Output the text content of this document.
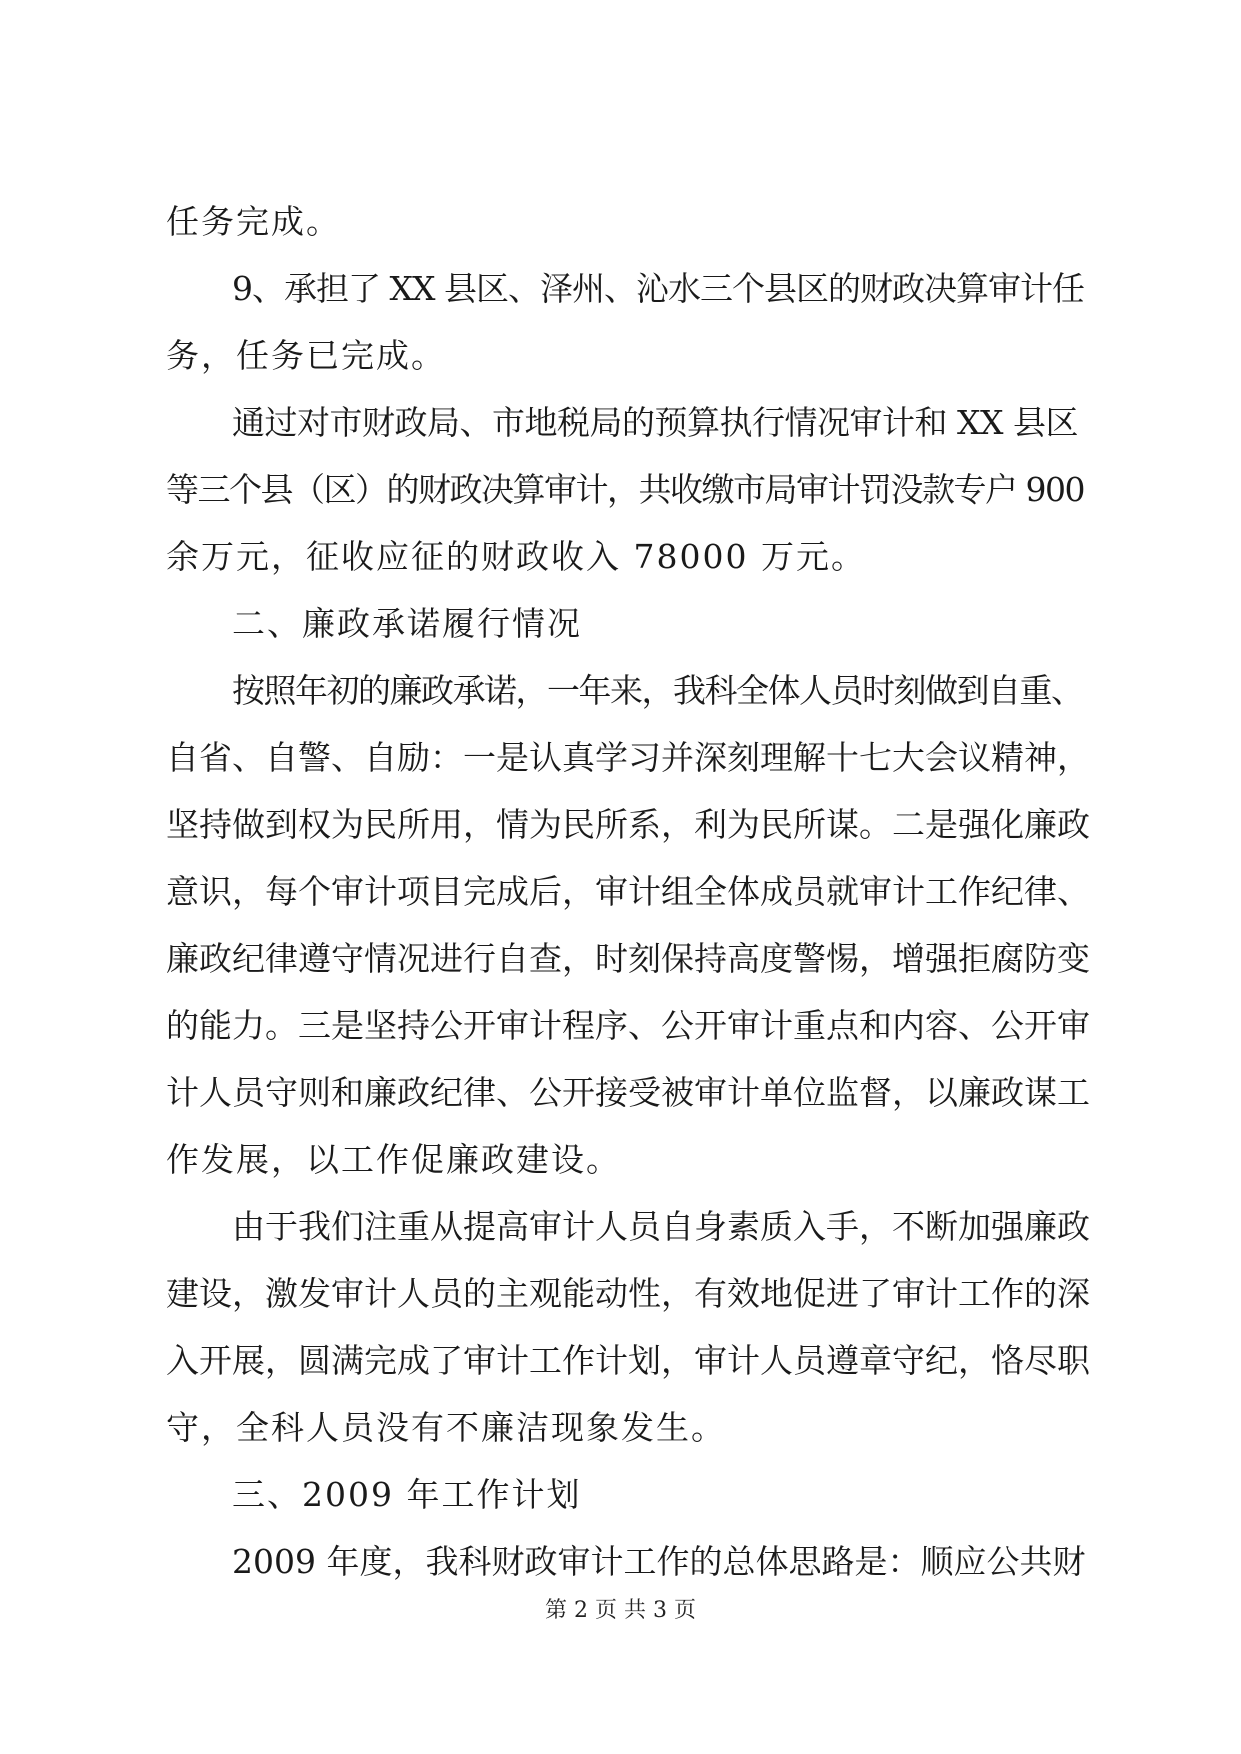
任务完成。
9、承担了 XX 县区、泽州、沁水三个县区的财政决算审计任
务，任务已完成。
通过对市财政局、市地税局的预算执行情况审计和 XX 县区
等三个县（区）的财政决算审计，共收缴市局审计罚没款专户 900
余万元，征收应征的财政收入 78000 万元。
二、廉政承诺履行情况
按照年初的廉政承诺，一年来，我科全体人员时刻做到自重、
自省、自警、自励：一是认真学习并深刻理解十七大会议精神，
坚持做到权为民所用，情为民所系，利为民所谋。二是强化廉政
意识，每个审计项目完成后，审计组全体成员就审计工作纪律、
廉政纪律遵守情况进行自查，时刻保持高度警惕，增强拒腐防变
的能力。三是坚持公开审计程序、公开审计重点和内容、公开审
计人员守则和廉政纪律、公开接受被审计单位监督，以廉政谋工
作发展，以工作促廉政建设。
由于我们注重从提高审计人员自身素质入手，不断加强廉政
建设，激发审计人员的主观能动性，有效地促进了审计工作的深
入开展，圆满完成了审计工作计划，审计人员遵章守纪，恪尽职
守，全科人员没有不廉洁现象发生。
三、2009 年工作计划
2009 年度，我科财政审计工作的总体思路是：顺应公共财
第 2 页 共 3 页
